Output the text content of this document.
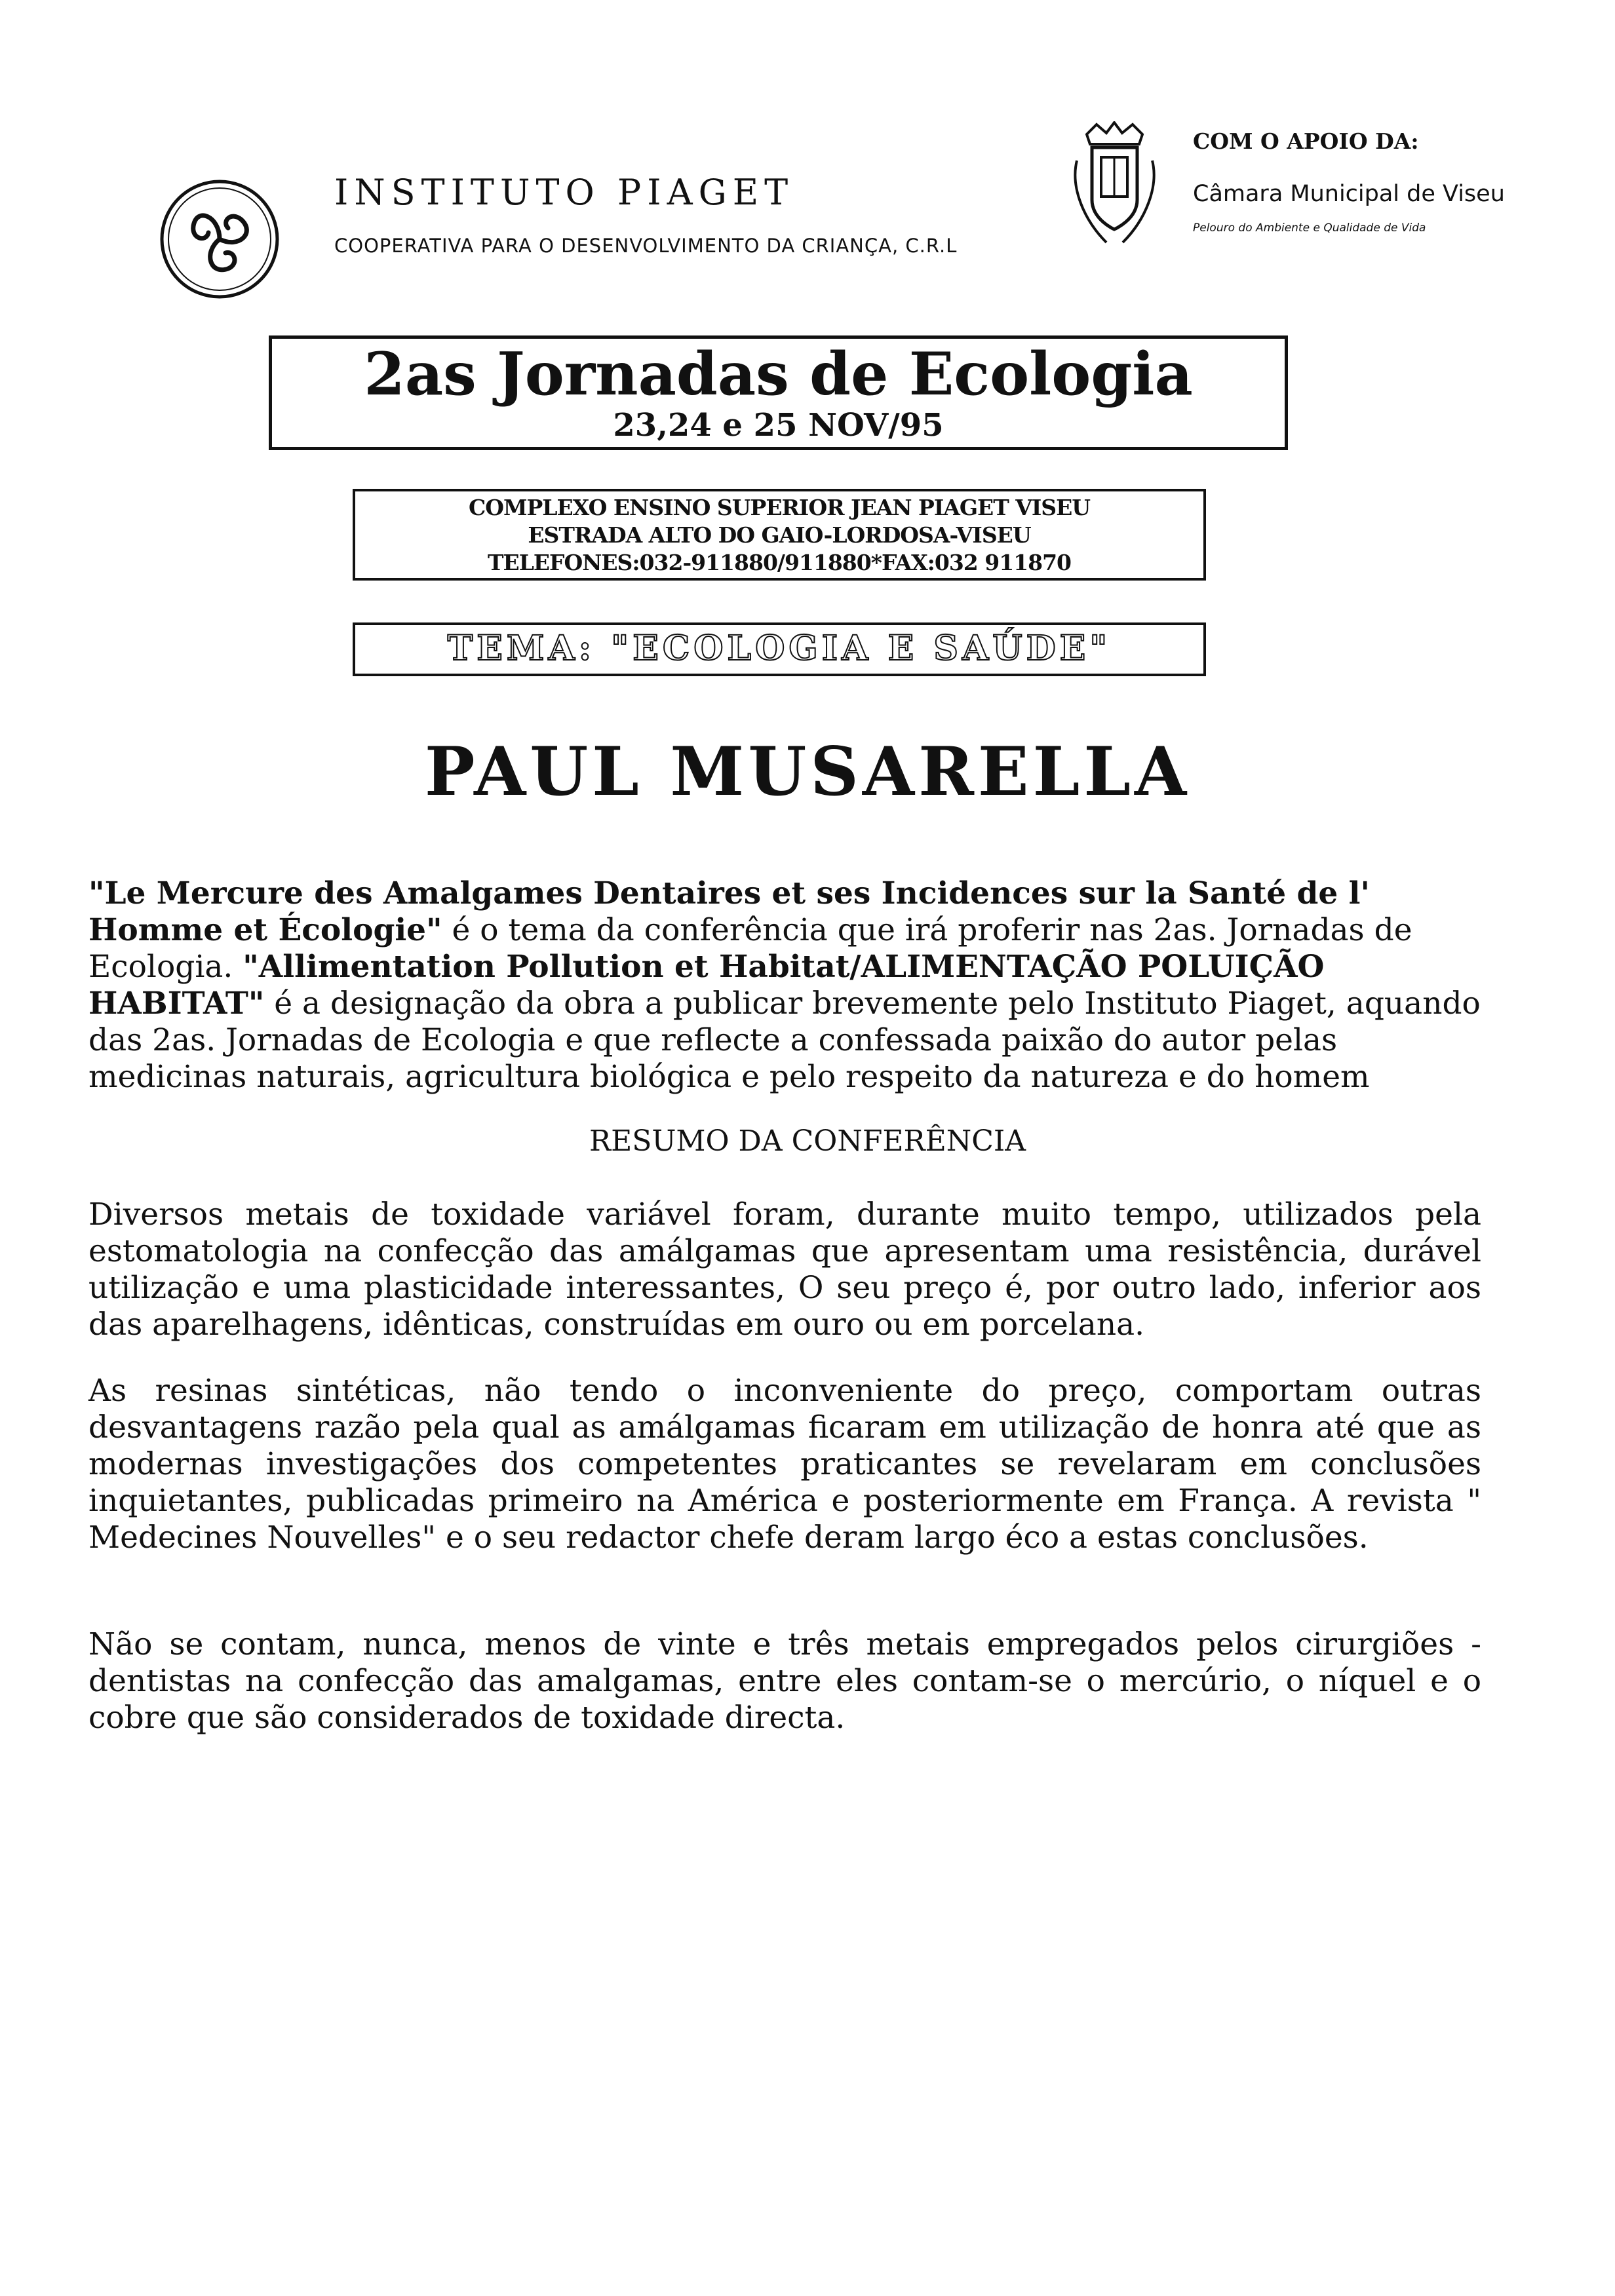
INSTITUTO PIAGET
COOPERATIVA PARA O DESENVOLVIMENTO DA CRIANÇA, C.R.L
COM O APOIO DA:
Câmara Municipal de Viseu
Pelouro do Ambiente e Qualidade de Vida
2as Jornadas de Ecologia
23,24 e 25 NOV/95
COMPLEXO ENSINO SUPERIOR JEAN PIAGET VISEU
ESTRADA ALTO DO GAIO-LORDOSA-VISEU
TELEFONES:032-911880/911880*FAX:032 911870
TEMA: "ECOLOGIA E SAÚDE"
PAUL MUSARELLA
"Le Mercure des Amalgames Dentaires et ses Incidences sur la Santé de l' Homme et Écologie" é o tema da conferência que irá proferir nas 2as. Jornadas de Ecologia. "Allimentation Pollution et Habitat/ALIMENTAÇÃO POLUIÇÃO HABITAT" é a designação da obra a publicar brevemente pelo Instituto Piaget, aquando das 2as. Jornadas de Ecologia e que reflecte a confessada paixão do autor pelas medicinas naturais, agricultura biológica e pelo respeito da natureza e do homem
RESUMO DA CONFERÊNCIA
Diversos metais de toxidade variável foram, durante muito tempo, utilizados pela estomatologia na confecção das amálgamas que apresentam uma resistência, durável utilização e uma plasticidade interessantes, O seu preço é, por outro lado, inferior aos das aparelhagens, idênticas, construídas em ouro ou em porcelana.
As resinas sintéticas, não tendo o inconveniente do preço, comportam outras desvantagens razão pela qual as amálgamas ficaram em utilização de honra até que as modernas investigações dos competentes praticantes se revelaram em conclusões inquietantes, publicadas primeiro na América e posteriormente em França. A revista " Medecines Nouvelles" e o seu redactor chefe deram largo éco a estas conclusões.
Não se contam, nunca, menos de vinte e três metais empregados pelos cirurgiões - dentistas na confecção das amalgamas, entre eles contam-se o mercúrio, o níquel e o cobre que são considerados de toxidade directa.
